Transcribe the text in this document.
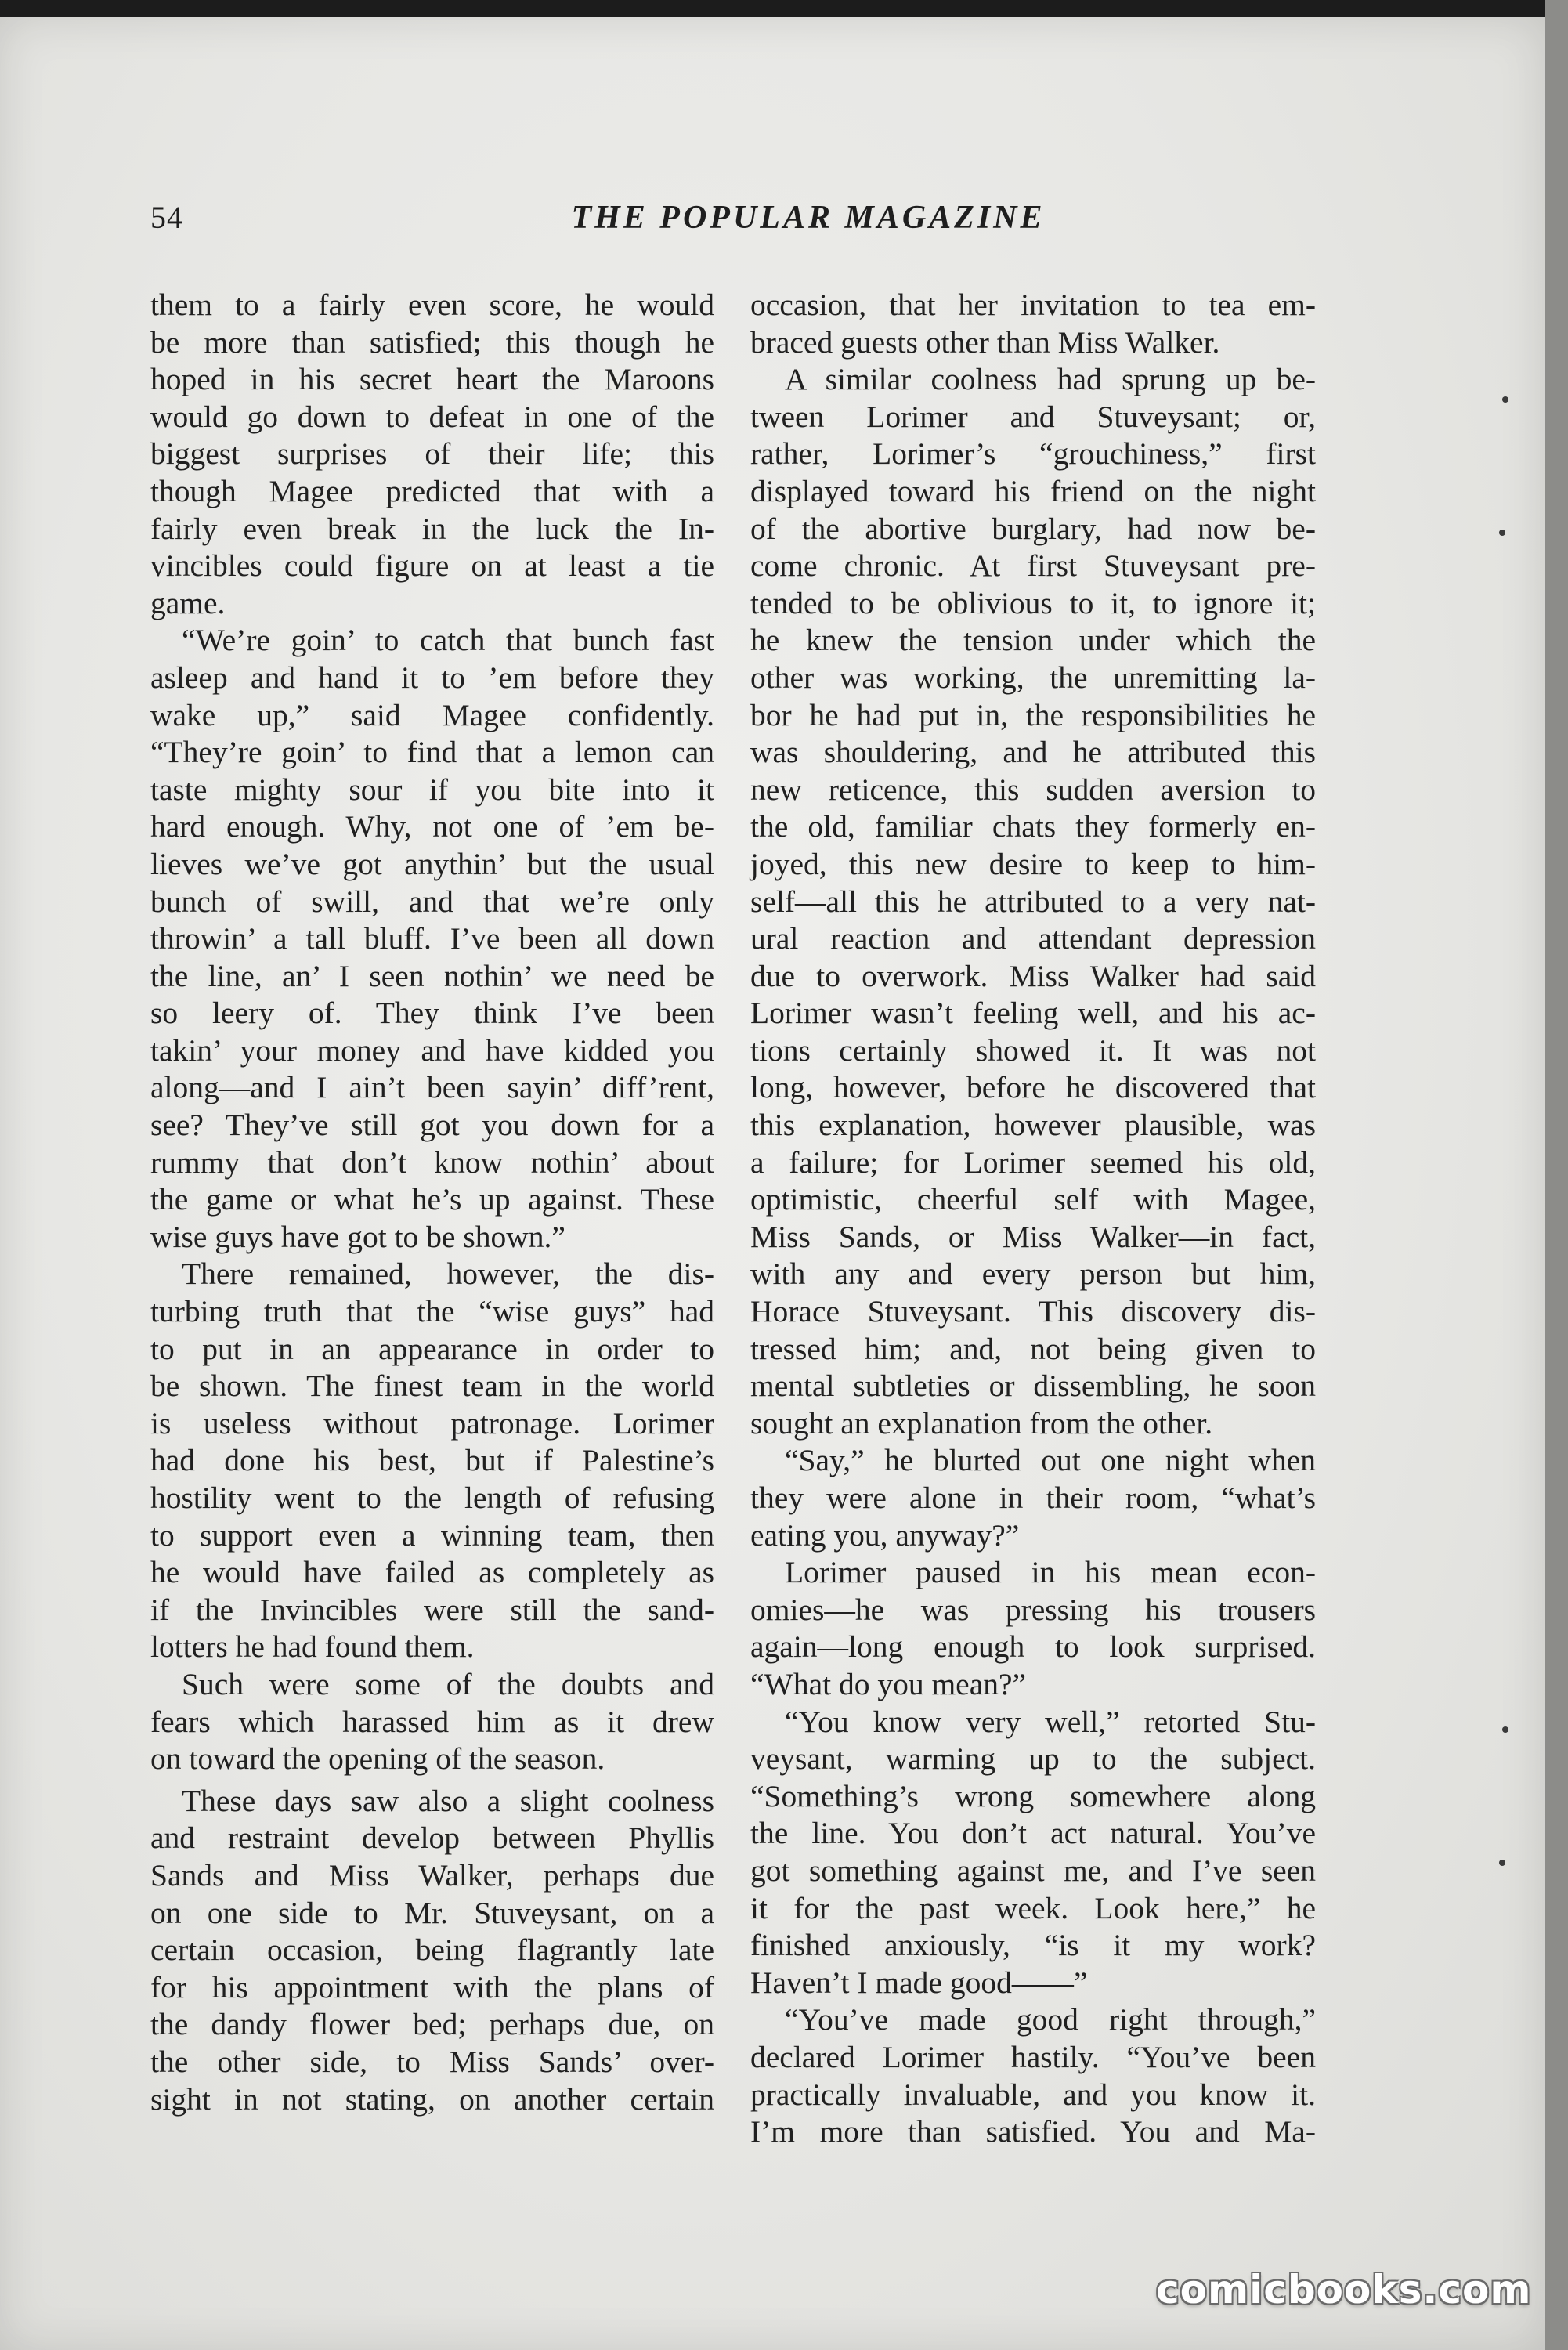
54	THE POPULAR MAGAZINE
them to a fairly even score, he would
be more than satisfied; this though he
hoped in his secret heart the Maroons
would go down to defeat in one of the
biggest surprises of their life; this
though Magee predicted that with a
fairly even break in the luck the In-
vincibles could figure on at least a tie
game.
“We’re goin’ to catch that bunch fast
asleep and hand it to ’em before they
wake up,” said Magee confidently.
“They’re goin’ to find that a lemon can
taste mighty sour if you bite into it
hard enough. Why, not one of ’em be-
lieves we’ve got anythin’ but the usual
bunch of swill, and that we’re only
throwin’ a tall bluff. I’ve been all down
the line, an’ I seen nothin’ we need be
so leery of. They think I’ve been
takin’ your money and have kidded you
along—and I ain’t been sayin’ diff’rent,
see? They’ve still got you down for a
rummy that don’t know nothin’ about
the game or what he’s up against. These
wise guys have got to be shown.”
There remained, however, the dis-
turbing truth that the “wise guys” had
to put in an appearance in order to
be shown. The finest team in the world
is useless without patronage. Lorimer
had done his best, but if Palestine’s
hostility went to the length of refusing
to support even a winning team, then
he would have failed as completely as
if the Invincibles were still the sand-
lotters he had found them.
Such were some of the doubts and
fears which harassed him as it drew
on toward the opening of the season.
These days saw also a slight coolness
and restraint develop between Phyllis
Sands and Miss Walker, perhaps due
on one side to Mr. Stuveysant, on a
certain occasion, being flagrantly late
for his appointment with the plans of
the dandy flower bed; perhaps due, on
the other side, to Miss Sands’ over-
sight in not stating, on another certain
occasion, that her invitation to tea em-
braced guests other than Miss Walker.
A similar coolness had sprung up be-
tween Lorimer and Stuveysant; or,
rather, Lorimer’s “grouchiness,” first
displayed toward his friend on the night
of the abortive burglary, had now be-
come chronic. At first Stuveysant pre-
tended to be oblivious to it, to ignore it;
he knew the tension under which the
other was working, the unremitting la-
bor he had put in, the responsibilities he
was shouldering, and he attributed this
new reticence, this sudden aversion to
the old, familiar chats they formerly en-
joyed, this new desire to keep to him-
self—all this he attributed to a very nat-
ural reaction and attendant depression
due to overwork. Miss Walker had said
Lorimer wasn’t feeling well, and his ac-
tions certainly showed it. It was not
long, however, before he discovered that
this explanation, however plausible, was
a failure; for Lorimer seemed his old,
optimistic, cheerful self with Magee,
Miss Sands, or Miss Walker—in fact,
with any and every person but him,
Horace Stuveysant. This discovery dis-
tressed him; and, not being given to
mental subtleties or dissembling, he soon
sought an explanation from the other.
“Say,” he blurted out one night when
they were alone in their room, “what’s
eating you, anyway?”
Lorimer paused in his mean econ-
omies—he was pressing his trousers
again—long enough to look surprised.
“What do you mean?”
“You know very well,” retorted Stu-
veysant, warming up to the subject.
“Something’s wrong somewhere along
the line. You don’t act natural. You’ve
got something against me, and I’ve seen
it for the past week. Look here,” he
finished anxiously, “is it my work?
Haven’t I made good——”
“You’ve made good right through,”
declared Lorimer hastily. “You’ve been
practically invaluable, and you know it.
I’m more than satisfied. You and Ma-
comicbooks.com
